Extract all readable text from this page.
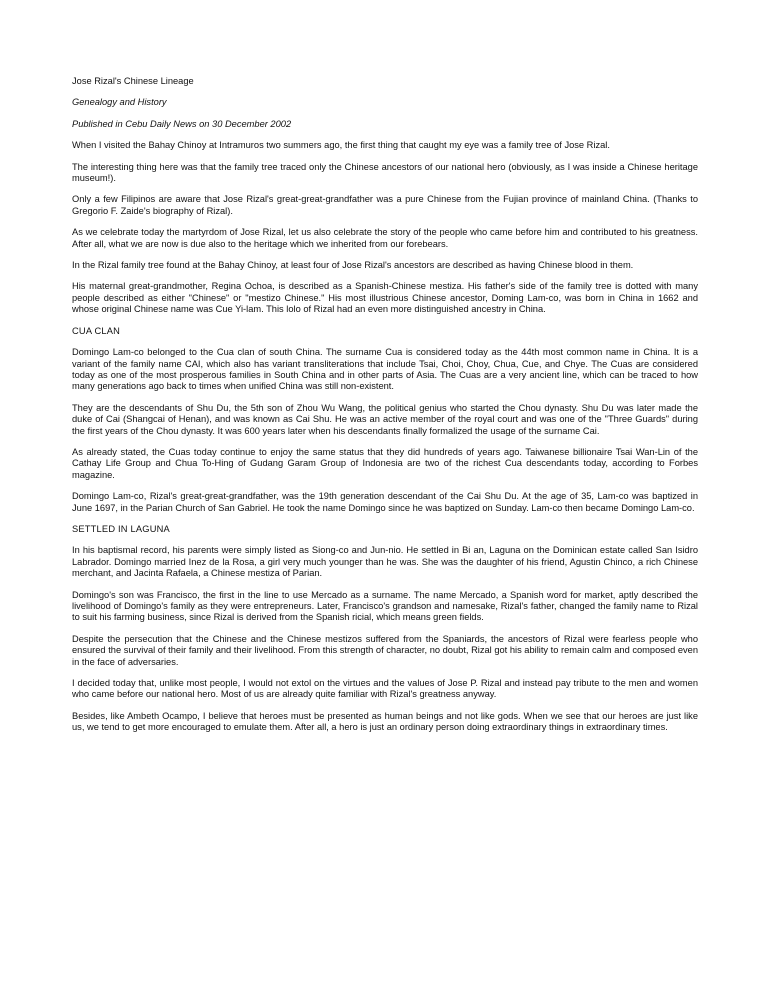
Jose Rizal's Chinese Lineage
Genealogy and History
Published in Cebu Daily News on 30 December 2002
When I visited the Bahay Chinoy at Intramuros two summers ago, the first thing that caught my eye was a family tree of Jose Rizal.
The interesting thing here was that the family tree traced only the Chinese ancestors of our national hero (obviously, as I was inside a Chinese heritage museum!).
Only a few Filipinos are aware that Jose Rizal's great-great-grandfather was a pure Chinese from the Fujian province of mainland China. (Thanks to Gregorio F. Zaide's biography of Rizal).
As we celebrate today the martyrdom of Jose Rizal, let us also celebrate the story of the people who came before him and contributed to his greatness. After all, what we are now is due also to the heritage which we inherited from our forebears.
In the Rizal family tree found at the Bahay Chinoy, at least four of Jose Rizal's ancestors are described as having Chinese blood in them.
His maternal great-grandmother, Regina Ochoa, is described as a Spanish-Chinese mestiza. His father's side of the family tree is dotted with many people described as either "Chinese" or "mestizo Chinese." His most illustrious Chinese ancestor, Doming Lam-co, was born in China in 1662 and whose original Chinese name was Cue Yi-lam. This lolo of Rizal had an even more distinguished ancestry in China.
CUA CLAN
Domingo Lam-co belonged to the Cua clan of south China. The surname Cua is considered today as the 44th most common name in China. It is a variant of the family name CAI, which also has variant transliterations that include Tsai, Choi, Choy, Chua, Cue, and Chye. The Cuas are considered today as one of the most prosperous families in South China and in other parts of Asia. The Cuas are a very ancient line, which can be traced to how many generations ago back to times when unified China was still non-existent.
They are the descendants of Shu Du, the 5th son of Zhou Wu Wang, the political genius who started the Chou dynasty. Shu Du was later made the duke of Cai (Shangcai of Henan), and was known as Cai Shu. He was an active member of the royal court and was one of the "Three Guards" during the first years of the Chou dynasty. It was 600 years later when his descendants finally formalized the usage of the surname Cai.
As already stated, the Cuas today continue to enjoy the same status that they did hundreds of years ago. Taiwanese billionaire Tsai Wan-Lin of the Cathay Life Group and Chua To-Hing of Gudang Garam Group of Indonesia are two of the richest Cua descendants today, according to Forbes magazine.
Domingo Lam-co, Rizal's great-great-grandfather, was the 19th generation descendant of the Cai Shu Du. At the age of 35, Lam-co was baptized in June 1697, in the Parian Church of San Gabriel. He took the name Domingo since he was baptized on Sunday. Lam-co then became Domingo Lam-co.
SETTLED IN LAGUNA
In his baptismal record, his parents were simply listed as Siong-co and Jun-nio. He settled in Bi an, Laguna on the Dominican estate called San Isidro Labrador. Domingo married Inez de la Rosa, a girl very much younger than he was. She was the daughter of his friend, Agustin Chinco, a rich Chinese merchant, and Jacinta Rafaela, a Chinese mestiza of Parian.
Domingo's son was Francisco, the first in the line to use Mercado as a surname. The name Mercado, a Spanish word for market, aptly described the livelihood of Domingo's family as they were entrepreneurs. Later, Francisco's grandson and namesake, Rizal's father, changed the family name to Rizal to suit his farming business, since Rizal is derived from the Spanish ricial, which means green fields.
Despite the persecution that the Chinese and the Chinese mestizos suffered from the Spaniards, the ancestors of Rizal were fearless people who ensured the survival of their family and their livelihood. From this strength of character, no doubt, Rizal got his ability to remain calm and composed even in the face of adversaries.
I decided today that, unlike most people, I would not extol on the virtues and the values of Jose P. Rizal and instead pay tribute to the men and women who came before our national hero. Most of us are already quite familiar with Rizal's greatness anyway.
Besides, like Ambeth Ocampo, I believe that heroes must be presented as human beings and not like gods. When we see that our heroes are just like us, we tend to get more encouraged to emulate them. After all, a hero is just an ordinary person doing extraordinary things in extraordinary times.
